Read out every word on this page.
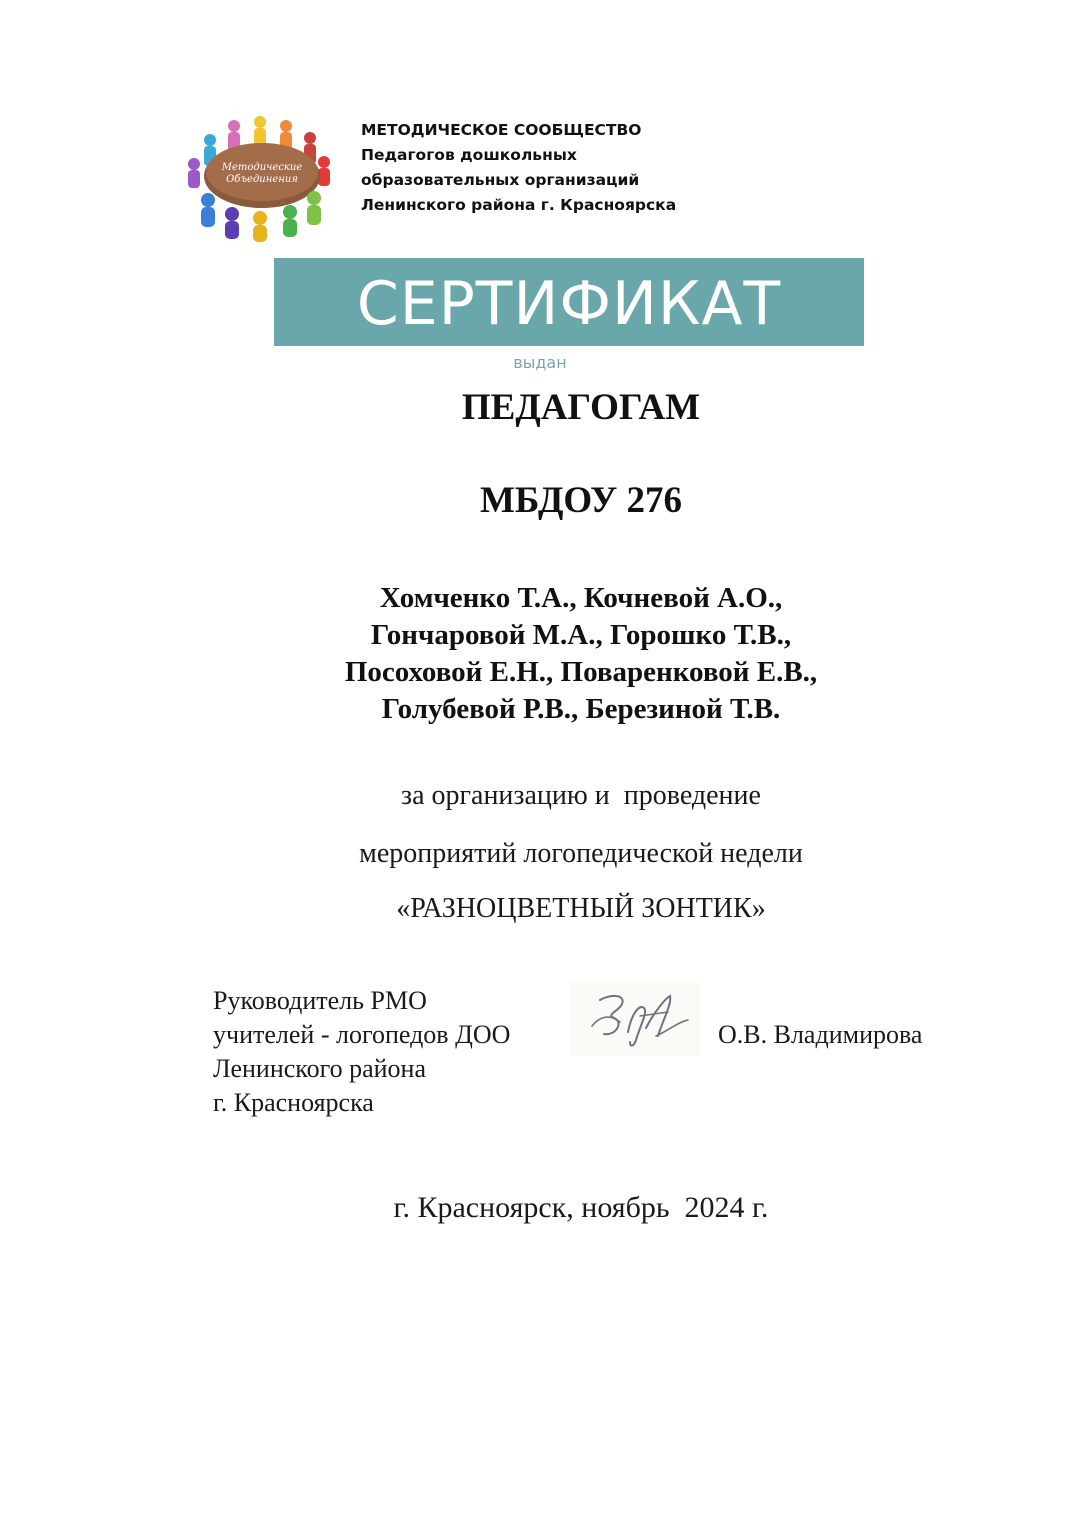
Методические
Объединения
МЕТОДИЧЕСКОЕ СООБЩЕСТВО
Педагогов дошкольных
образовательных организаций
Ленинского района г. Красноярска
СЕРТИФИКАТ
выдан
ПЕДАГОГАМ
МБДОУ 276
Хомченко Т.А., Кочневой А.О.,
Гончаровой М.А., Горошко Т.В.,
Посоховой Е.Н., Поваренковой Е.В.,
Голубевой Р.В., Березиной Т.В.
за организацию и  проведение
мероприятий логопедической недели
«РАЗНОЦВЕТНЫЙ ЗОНТИК»
Руководитель РМО
учителей - логопедов ДОО
Ленинского района
г. Красноярска
О.В. Владимирова
г. Красноярск, ноябрь  2024 г.
